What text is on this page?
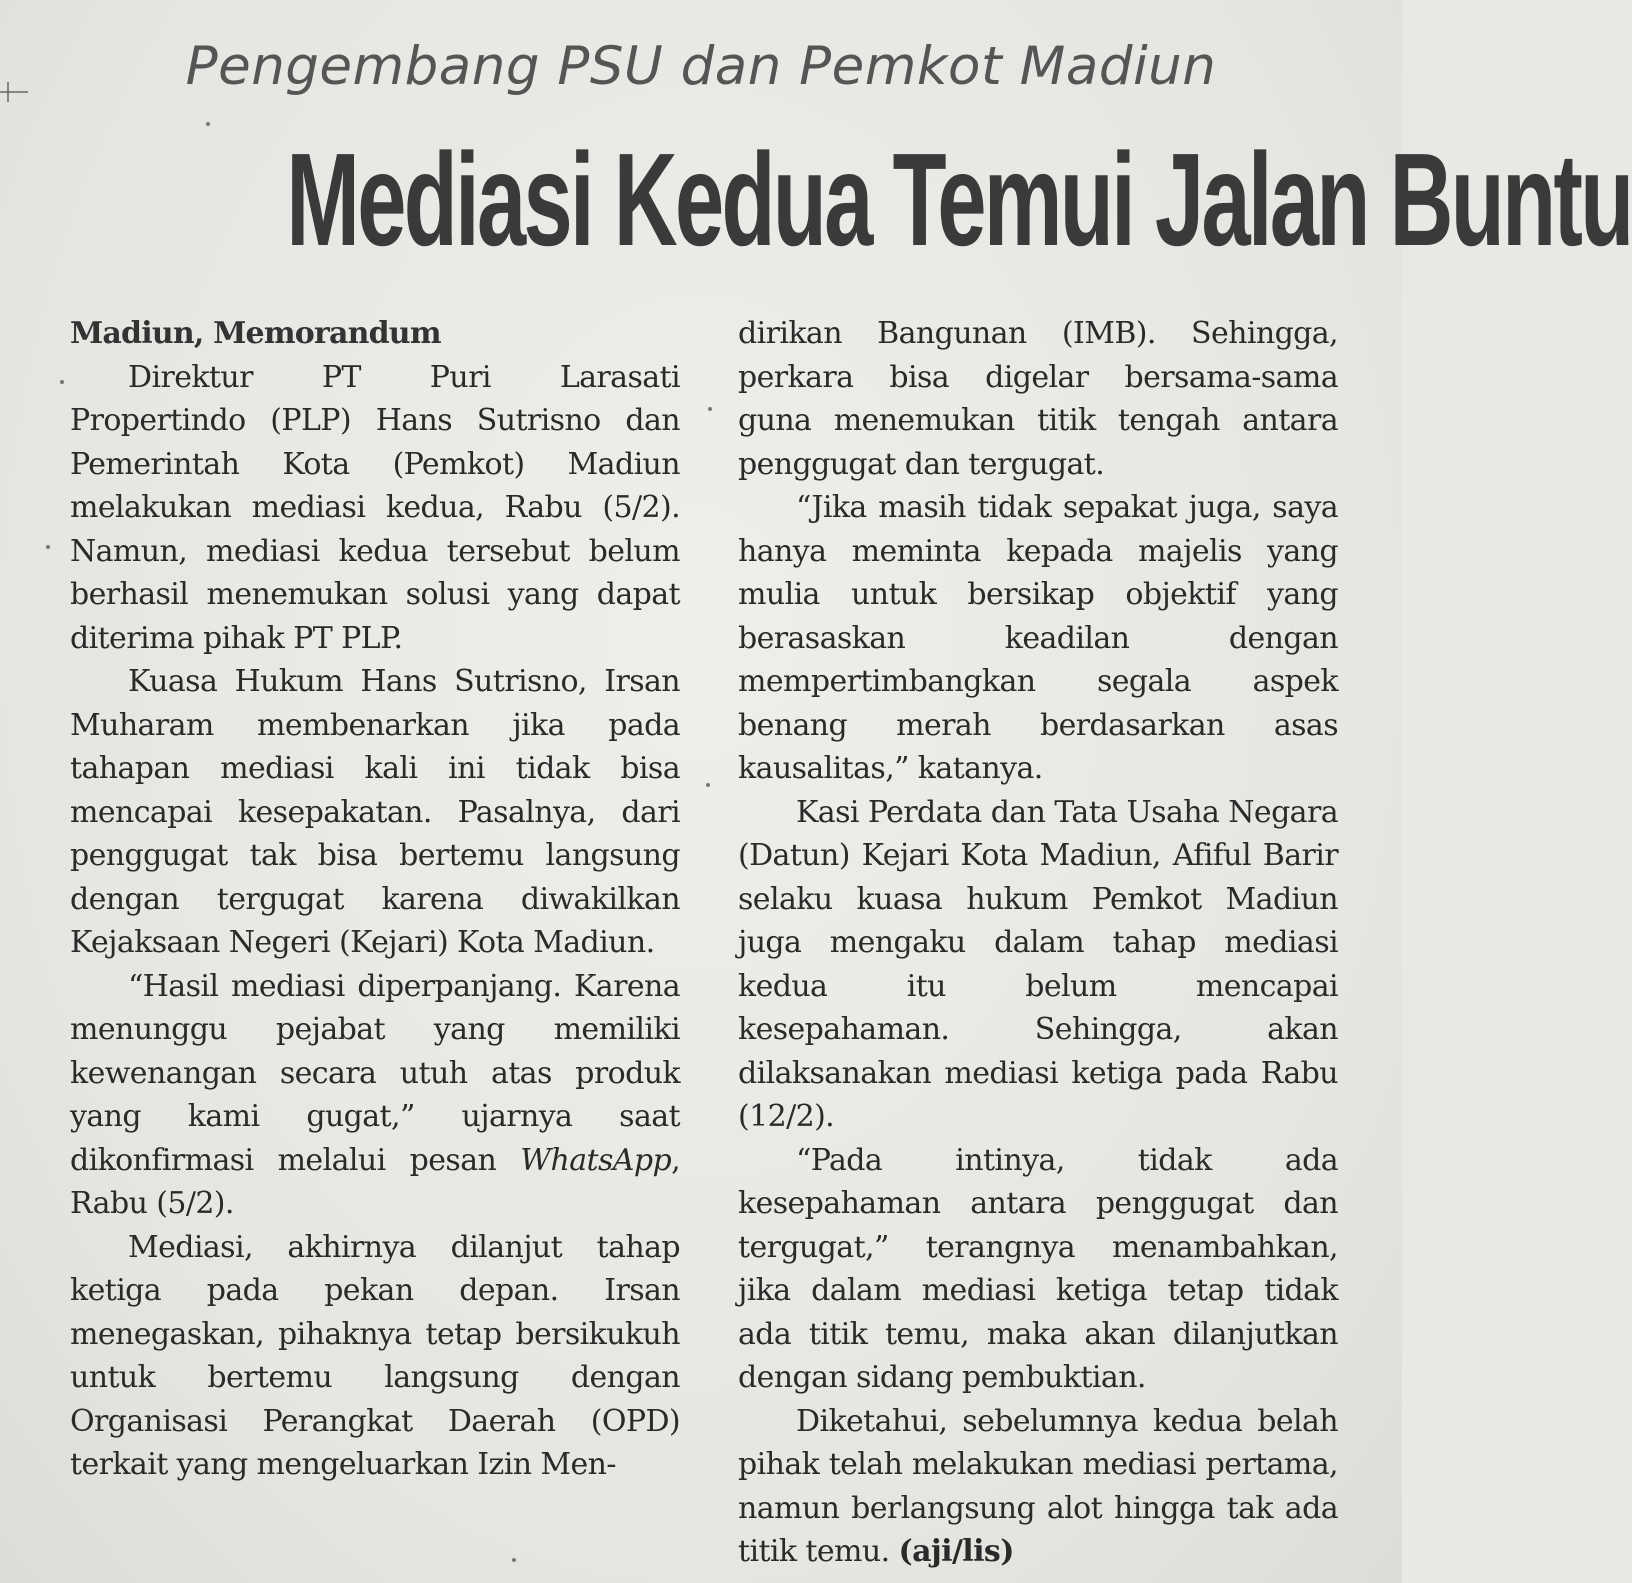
Pengembang PSU dan Pemkot Madiun
Mediasi Kedua Temui Jalan Buntu

Madiun, Memorandum

Direktur PT Puri Larasati Propertindo (PLP) Hans Sutrisno dan Pemerintah Kota (Pemkot) Madiun melakukan mediasi kedua, Rabu (5/2). Namun, mediasi kedua tersebut belum berhasil menemukan solusi yang dapat diterima pihak PT PLP.

Kuasa Hukum Hans Sutrisno, Irsan Muharam membenarkan jika pada tahapan mediasi kali ini tidak bisa mencapai kesepakatan. Pasalnya, dari penggugat tak bisa bertemu langsung dengan tergugat karena diwakilkan Kejaksaan Negeri (Kejari) Kota Madiun.

“Hasil mediasi diperpanjang. Karena menunggu pejabat yang memiliki kewenangan secara utuh atas produk yang kami gugat,” ujarnya saat dikonfirmasi melalui pesan WhatsApp, Rabu (5/2).

Mediasi, akhirnya dilanjut tahap ketiga pada pekan depan. Irsan menegaskan, pihaknya tetap bersikukuh untuk bertemu langsung dengan Organisasi Perangkat Daerah (OPD) terkait yang mengeluarkan Izin Men-

dirikan Bangunan (IMB). Sehingga, perkara bisa digelar bersama-sama guna menemukan titik tengah antara penggugat dan tergugat.

“Jika masih tidak sepakat juga, saya hanya meminta kepada majelis yang mulia untuk bersikap objektif yang berasaskan keadilan dengan mempertimbangkan segala aspek benang merah berdasarkan asas kausalitas,” katanya.

Kasi Perdata dan Tata Usaha Negara (Datun) Kejari Kota Madiun, Afiful Barir selaku kuasa hukum Pemkot Madiun juga mengaku dalam tahap mediasi kedua itu belum mencapai kesepahaman. Sehingga, akan dilaksanakan mediasi ketiga pada Rabu (12/2).

“Pada intinya, tidak ada kesepahaman antara penggugat dan tergugat,” terangnya menambahkan, jika dalam mediasi ketiga tetap tidak ada titik temu, maka akan dilanjutkan dengan sidang pembuktian.

Diketahui, sebelumnya kedua belah pihak telah melakukan mediasi pertama, namun berlangsung alot hingga tak ada titik temu. (aji/lis)
